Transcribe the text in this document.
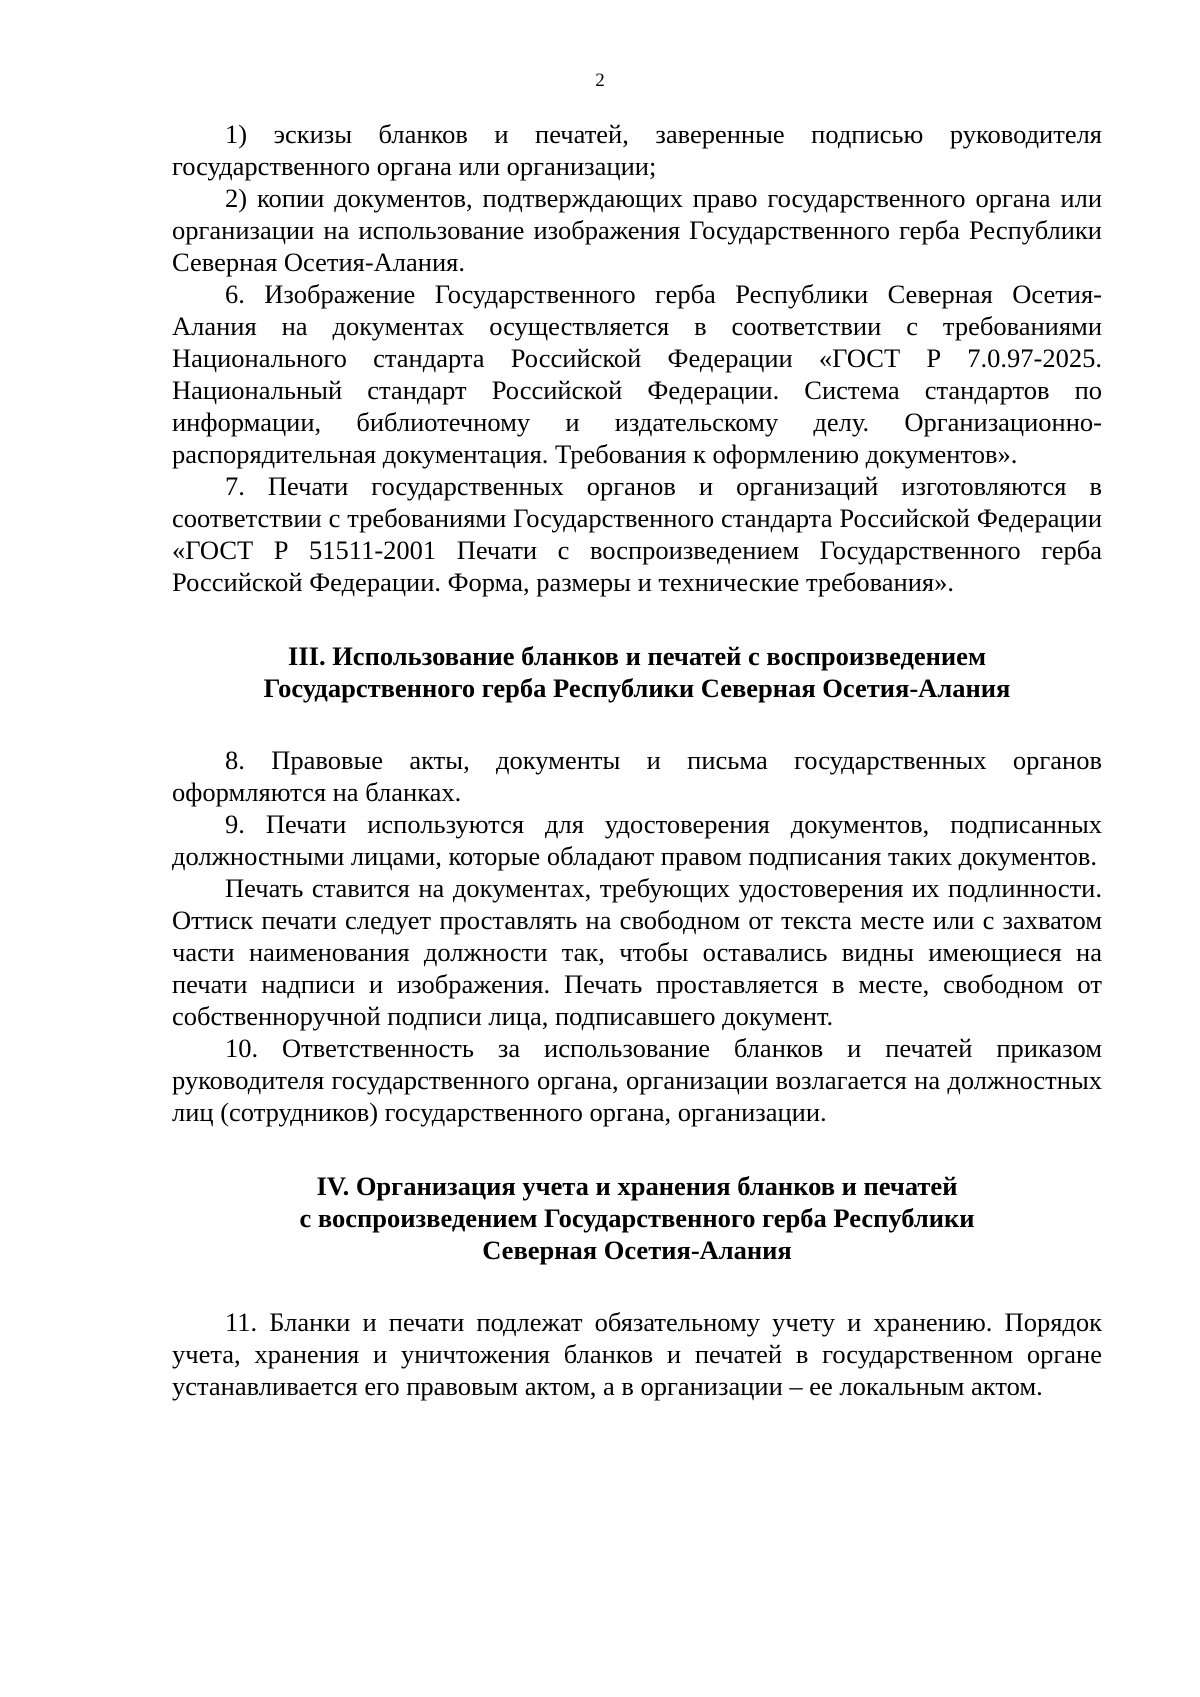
2

1) эскизы бланков и печатей, заверенные подписью руководителя государственного органа или организации;

2) копии документов, подтверждающих право государственного органа или организации на использование изображения Государственного герба Республики Северная Осетия-Алания.

6. Изображение Государственного герба Республики Северная Осетия-Алания на документах осуществляется в соответствии с требованиями Национального стандарта Российской Федерации «ГОСТ Р 7.0.97-2025. Национальный стандарт Российской Федерации. Система стандартов по информации, библиотечному и издательскому делу. Организационно-распорядительная документация. Требования к оформлению документов».

7. Печати государственных органов и организаций изготовляются в соответствии с требованиями Государственного стандарта Российской Федерации «ГОСТ Р 51511-2001 Печати с воспроизведением Государственного герба Российской Федерации. Форма, размеры и технические требования».

III. Использование бланков и печатей с воспроизведением
Государственного герба Республики Северная Осетия-Алания

8. Правовые акты, документы и письма государственных органов оформляются на бланках.

9. Печати используются для удостоверения документов, подписанных должностными лицами, которые обладают правом подписания таких документов.

Печать ставится на документах, требующих удостоверения их подлинности. Оттиск печати следует проставлять на свободном от текста месте или с захватом части наименования должности так, чтобы оставались видны имеющиеся на печати надписи и изображения. Печать проставляется в месте, свободном от собственноручной подписи лица, подписавшего документ.

10. Ответственность за использование бланков и печатей приказом руководителя государственного органа, организации возлагается на должностных лиц (сотрудников) государственного органа, организации.

IV. Организация учета и хранения бланков и печатей
с воспроизведением Государственного герба Республики
Северная Осетия-Алания

11. Бланки и печати подлежат обязательному учету и хранению. Порядок учета, хранения и уничтожения бланков и печатей в государственном органе устанавливается его правовым актом, а в организации – ее локальным актом.
